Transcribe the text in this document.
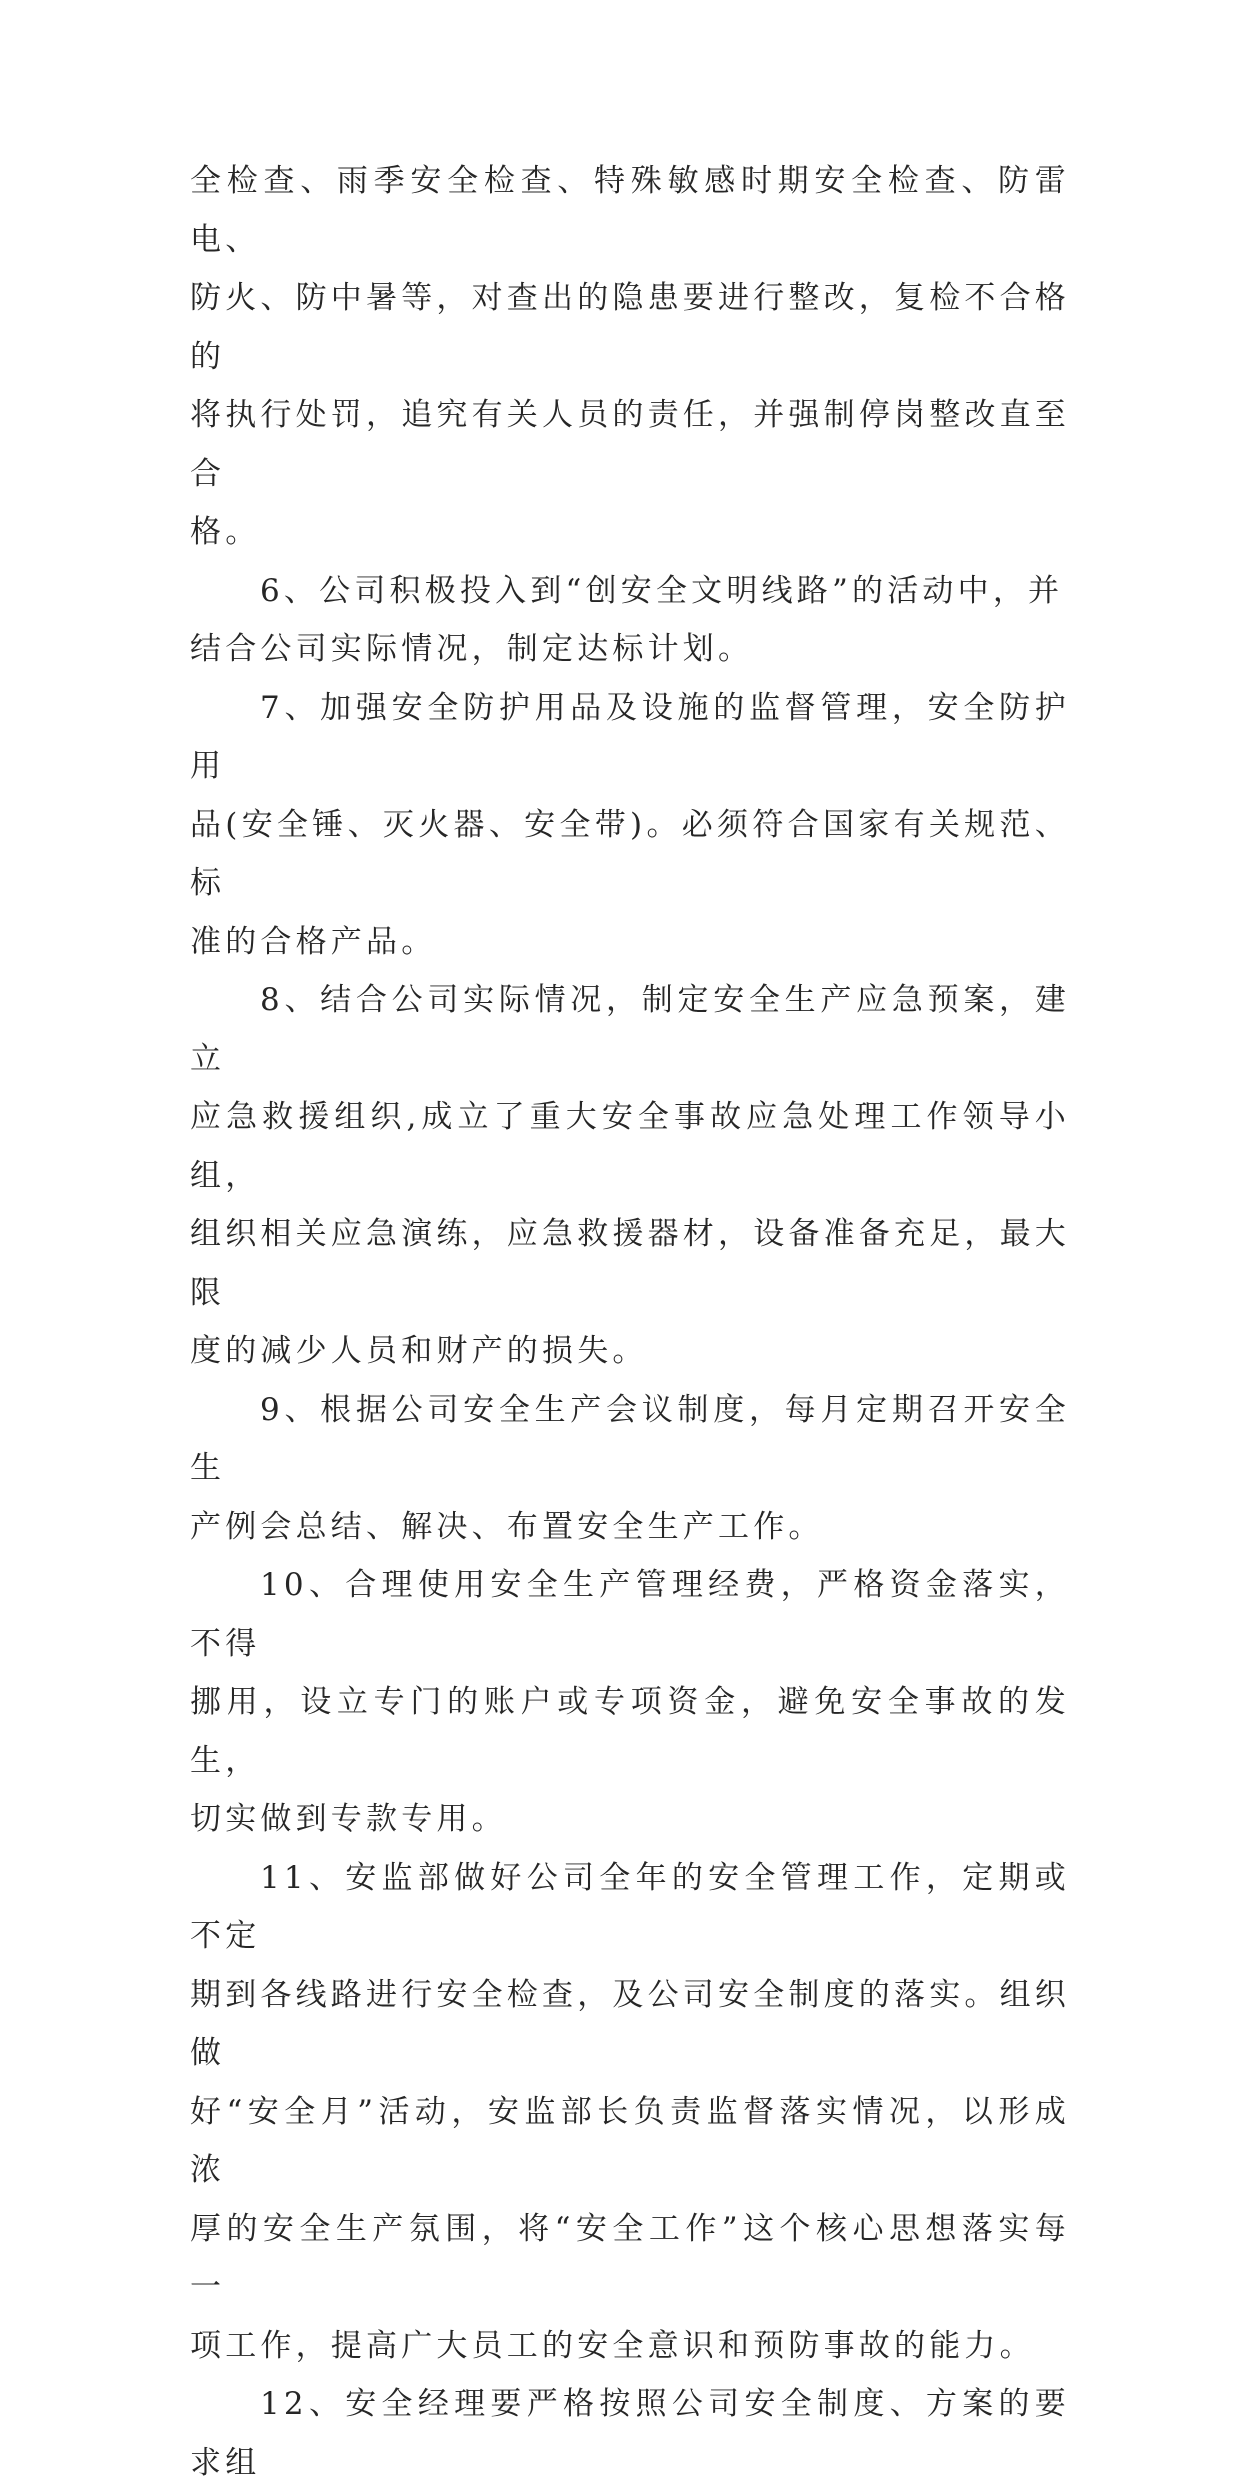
全检查、雨季安全检查、特殊敏感时期安全检查、防雷电、
防火、防中暑等，对查出的隐患要进行整改，复检不合格的
将执行处罚，追究有关人员的责任，并强制停岗整改直至合
格。

6、公司积极投入到“创安全文明线路”的活动中，并
结合公司实际情况，制定达标计划。

7、加强安全防护用品及设施的监督管理，安全防护用
品(安全锤、灭火器、安全带)。必须符合国家有关规范、标
准的合格产品。

8、结合公司实际情况，制定安全生产应急预案，建立
应急救援组织,成立了重大安全事故应急处理工作领导小组，
组织相关应急演练，应急救援器材，设备准备充足，最大限
度的减少人员和财产的损失。

9、根据公司安全生产会议制度，每月定期召开安全生
产例会总结、解决、布置安全生产工作。

10、合理使用安全生产管理经费，严格资金落实，不得
挪用，设立专门的账户或专项资金，避免安全事故的发生，
切实做到专款专用。

11、安监部做好公司全年的安全管理工作，定期或不定
期到各线路进行安全检查，及公司安全制度的落实。组织做
好“安全月”活动，安监部长负责监督落实情况，以形成浓
厚的安全生产氛围，将“安全工作”这个核心思想落实每一
项工作，提高广大员工的安全意识和预防事故的能力。

12、安全经理要严格按照公司安全制度、方案的要求组
